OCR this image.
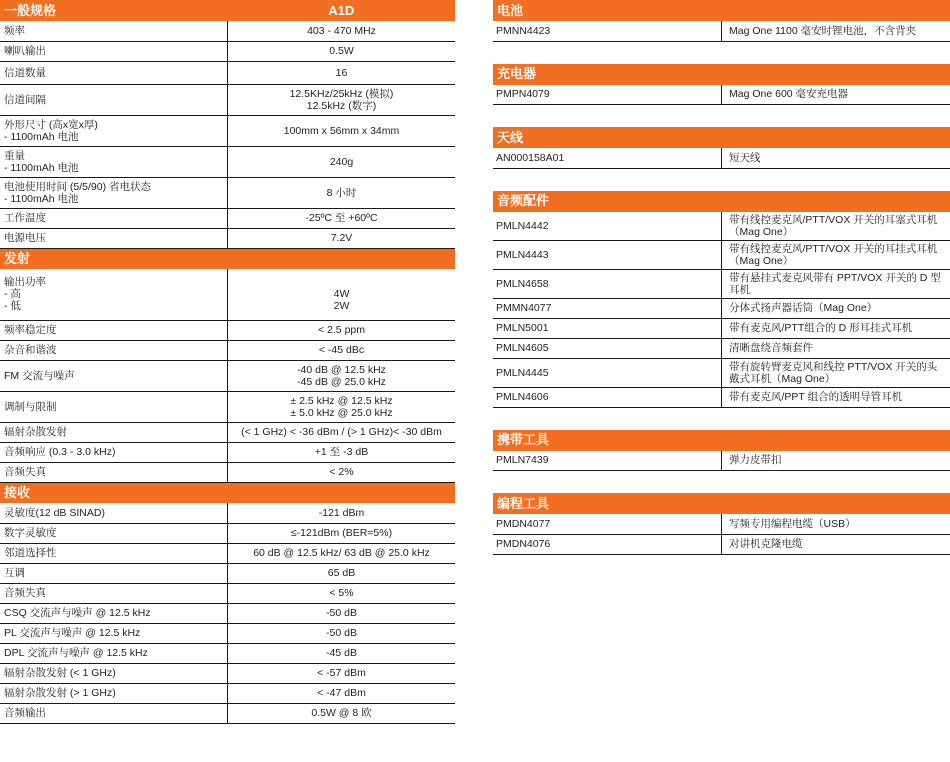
一般规格	A1D
频率	403 - 470 MHz
喇叭输出	0.5W
信道数量	16
信道间隔	12.5KHz/25kHz (模拟)
12.5kHz (数字)
外形尺寸 (高x宽x厚)
- 1100mAh 电池	100mm x 56mm x 34mm
重量
- 1100mAh 电池	240g
电池使用时间 (5/5/90) 省电状态
- 1100mAh 电池	8 小时
工作温度	-25ºC 至 +60ºC
电源电压	7.2V
发射	
输出功率
- 高
- 低	4W
2W
频率稳定度	< 2.5 ppm
杂音和谐波	< -45 dBc
FM 交流与噪声	-40 dB @ 12.5 kHz
-45 dB @ 25.0 kHz
调制与限制	± 2.5 kHz @ 12.5 kHz
± 5.0 kHz @ 25.0 kHz
辐射杂散发射	(< 1 GHz) < -36 dBm / (> 1 GHz)< -30 dBm
音频响应 (0.3 - 3.0 kHz)	+1 至 -3 dB
音频失真	< 2%
接收	
灵敏度(12 dB SINAD)	-121 dBm
数字灵敏度	≤-121dBm (BER=5%)
邻道选择性	60 dB @ 12.5 kHz/ 63 dB @ 25.0 kHz
互调	65 dB
音频失真	< 5%
CSQ 交流声与噪声 @ 12.5 kHz	-50 dB
PL 交流声与噪声 @ 12.5 kHz	-50 dB
DPL 交流声与噪声 @ 12.5 kHz	-45 dB
辐射杂散发射 (< 1 GHz)	< -57 dBm
辐射杂散发射 (> 1 GHz)	< -47 dBm
音频输出	0.5W @ 8 欧
电池
PMNN4423	Mag One 1100 毫安时锂电池，不含背夹
充电器
PMPN4079	Mag One 600 毫安充电器
天线
AN000158A01	短天线
音频配件	
PMLN4442	带有线控麦克风/PTT/VOX 开关的耳塞式耳机（Mag One）
PMLN4443	带有线控麦克风/PTT/VOX 开关的耳挂式耳机（Mag One）
PMLN4658	带有悬挂式麦克风带有 PPT/VOX 开关的 D 型耳机
PMMN4077	分体式扬声器话筒（Mag One）
PMLN5001	带有麦克风/PTT组合的 D 形耳挂式耳机
PMLN4605	清晰盘绕音频套件
PMLN4445	带有旋转臂麦克风和线控 PTT/VOX 开关的头戴式耳机（Mag One）
PMLN4606	带有麦克风/PPT 组合的透明导管耳机
携带工具
PMLN7439	弹力皮带扣
编程工具	
PMDN4077	写频专用编程电缆（USB）
PMDN4076	对讲机克隆电缆
